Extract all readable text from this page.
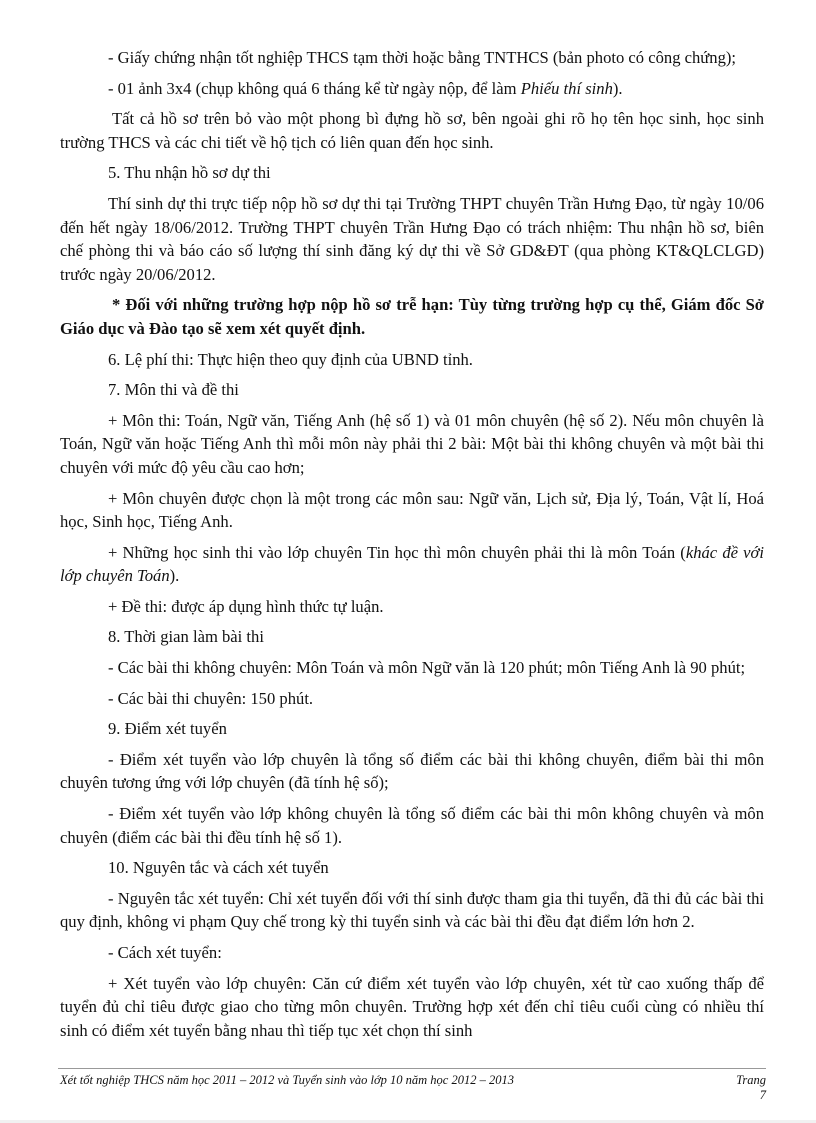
- Giấy chứng nhận tốt nghiệp THCS tạm thời hoặc bằng TNTHCS (bản photo có công chứng);

- 01 ảnh 3x4 (chụp không quá 6 tháng kể từ ngày nộp, để làm Phiếu thí sinh).

Tất cả hồ sơ trên bỏ vào một phong bì đựng hồ sơ, bên ngoài ghi rõ họ tên học sinh, học sinh trường THCS và các chi tiết về hộ tịch có liên quan đến học sinh.

5. Thu nhận hồ sơ dự thi

Thí sinh dự thi trực tiếp nộp hồ sơ dự thi tại Trường THPT chuyên Trần Hưng Đạo, từ ngày 10/06 đến hết ngày 18/06/2012. Trường THPT chuyên Trần Hưng Đạo có trách nhiệm: Thu nhận hồ sơ, biên chế phòng thi và báo cáo số lượng thí sinh đăng ký dự thi về Sở GD&ĐT (qua phòng KT&QLCLGD) trước ngày 20/06/2012.

* Đối với những trường hợp nộp hồ sơ trễ hạn: Tùy từng trường hợp cụ thể, Giám đốc Sở Giáo dục và Đào tạo sẽ xem xét quyết định.

6. Lệ phí thi: Thực hiện theo quy định của UBND tỉnh.

7. Môn thi và đề thi

+ Môn thi: Toán, Ngữ văn, Tiếng Anh (hệ số 1) và 01 môn chuyên (hệ số 2). Nếu môn chuyên là Toán, Ngữ văn hoặc Tiếng Anh thì mỗi môn này phải thi 2 bài: Một bài thi không chuyên và một bài thi chuyên với mức độ yêu cầu cao hơn;

+ Môn chuyên được chọn là một trong các môn sau: Ngữ văn, Lịch sử, Địa lý, Toán, Vật lí, Hoá học, Sinh học, Tiếng Anh.

+ Những học sinh thi vào lớp chuyên Tin học thì môn chuyên phải thi là môn Toán (khác đề với lớp chuyên Toán).

+ Đề thi: được áp dụng hình thức tự luận.

8. Thời gian làm bài thi

- Các bài thi không chuyên: Môn Toán và môn Ngữ văn là 120 phút; môn Tiếng Anh là 90 phút;

- Các bài thi chuyên: 150 phút.

9. Điểm xét tuyển

- Điểm xét tuyển vào lớp chuyên là tổng số điểm các bài thi không chuyên, điểm bài thi môn chuyên tương ứng với lớp chuyên (đã tính hệ số);

- Điểm xét tuyển vào lớp không chuyên là tổng số điểm các bài thi môn không chuyên và môn chuyên (điểm các bài thi đều tính hệ số 1).

10. Nguyên tắc và cách xét tuyển

- Nguyên tắc xét tuyển: Chỉ xét tuyển đối với thí sinh được tham gia thi tuyển, đã thi đủ các bài thi quy định, không vi phạm Quy chế trong kỳ thi tuyển sinh và các bài thi đều đạt điểm lớn hơn 2.

- Cách xét tuyển:

+ Xét tuyển vào lớp chuyên: Căn cứ điểm xét tuyển vào lớp chuyên, xét từ cao xuống thấp để tuyển đủ chỉ tiêu được giao cho từng môn chuyên. Trường hợp xét đến chỉ tiêu cuối cùng có nhiều thí sinh có điểm xét tuyển bằng nhau thì tiếp tục xét chọn thí sinh

Xét tốt nghiệp THCS năm học 2011 – 2012 và Tuyển sinh vào lớp 10 năm học 2012 – 2013	Trang
7
